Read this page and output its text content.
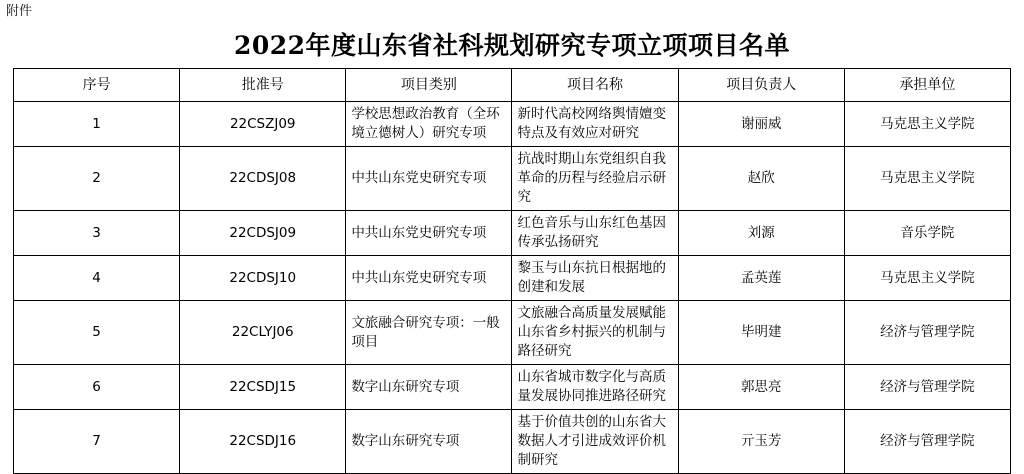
附件
2022年度山东省社科规划研究专项立项项目名单
序号	批准号	项目类别	项目名称	项目负责人	承担单位
1	22CSZJ09	学校思想政治教育（全环境立德树人）研究专项	新时代高校网络舆情嬗变特点及有效应对研究	谢丽威	马克思主义学院
2	22CDSJ08	中共山东党史研究专项	抗战时期山东党组织自我革命的历程与经验启示研究	赵欣	马克思主义学院
3	22CDSJ09	中共山东党史研究专项	红色音乐与山东红色基因传承弘扬研究	刘源	音乐学院
4	22CDSJ10	中共山东党史研究专项	黎玉与山东抗日根据地的创建和发展	孟英莲	马克思主义学院
5	22CLYJ06	文旅融合研究专项：一般项目	文旅融合高质量发展赋能山东省乡村振兴的机制与路径研究	毕明建	经济与管理学院
6	22CSDJ15	数字山东研究专项	山东省城市数字化与高质量发展协同推进路径研究	郭思亮	经济与管理学院
7	22CSDJ16	数字山东研究专项	基于价值共创的山东省大数据人才引进成效评价机制研究	亓玉芳	经济与管理学院
